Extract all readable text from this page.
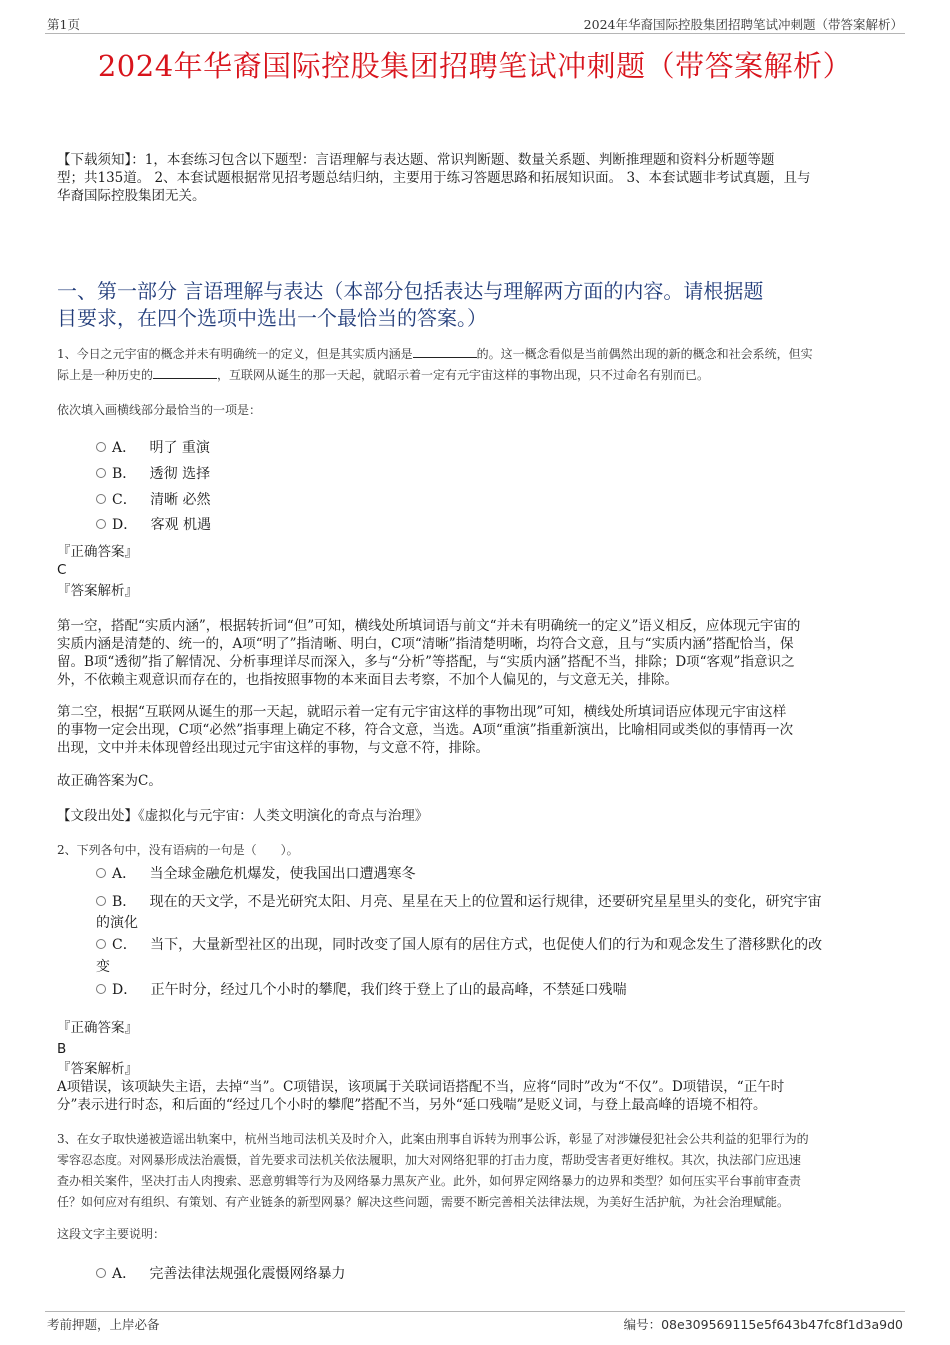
第1页	2024年华裔国际控股集团招聘笔试冲刺题（带答案解析）
2024年华裔国际控股集团招聘笔试冲刺题（带答案解析）
【下载须知】：1，本套练习包含以下题型：言语理解与表达题、常识判断题、数量关系题、判断推理题和资料分析题等题
型；共135道。 2、本套试题根据常见招考题总结归纳，主要用于练习答题思路和拓展知识面。 3、本套试题非考试真题，且与
华裔国际控股集团无关。
一、第一部分 言语理解与表达（本部分包括表达与理解两方面的内容。请根据题
目要求，在四个选项中选出一个最恰当的答案。）
1、今日之元宇宙的概念并未有明确统一的定义，但是其实质内涵是	的。这一概念看似是当前偶然出现的新的概念和社会系统，但实
际上是一种历史的	，互联网从诞生的那一天起，就昭示着一定有元宇宙这样的事物出现，只不过命名有别而已。
依次填入画横线部分最恰当的一项是：
A． 明了 重演
B． 透彻 选择
C． 清晰 必然
D． 客观 机遇
『正确答案』
C
『答案解析』
第一空，搭配“实质内涵”，根据转折词“但”可知，横线处所填词语与前文“并未有明确统一的定义”语义相反，应体现元宇宙的
实质内涵是清楚的、统一的，A项“明了”指清晰、明白，C项“清晰”指清楚明晰，均符合文意，且与“实质内涵”搭配恰当，保
留。B项“透彻”指了解情况、分析事理详尽而深入，多与“分析”等搭配，与“实质内涵”搭配不当，排除；D项“客观”指意识之
外，不依赖主观意识而存在的，也指按照事物的本来面目去考察，不加个人偏见的，与文意无关，排除。
第二空，根据“互联网从诞生的那一天起，就昭示着一定有元宇宙这样的事物出现”可知，横线处所填词语应体现元宇宙这样
的事物一定会出现，C项“必然”指事理上确定不移，符合文意，当选。A项“重演”指重新演出，比喻相同或类似的事情再一次
出现，文中并未体现曾经出现过元宇宙这样的事物，与文意不符，排除。
故正确答案为C。
【文段出处】《虚拟化与元宇宙：人类文明演化的奇点与治理》
2、下列各句中，没有语病的一句是（　　）。
A． 当全球金融危机爆发，使我国出口遭遇寒冬
B． 现在的天文学，不是光研究太阳、月亮、星星在天上的位置和运行规律，还要研究星星里头的变化，研究宇宙
的演化
C． 当下，大量新型社区的出现，同时改变了国人原有的居住方式，也促使人们的行为和观念发生了潜移默化的改
变
D． 正午时分，经过几个小时的攀爬，我们终于登上了山的最高峰，不禁延口残喘
『正确答案』
B
『答案解析』
A项错误，该项缺失主语，去掉“当”。C项错误，该项属于关联词语搭配不当，应将“同时”改为“不仅”。D项错误，“正午时
分”表示进行时态，和后面的“经过几个小时的攀爬”搭配不当，另外“延口残喘”是贬义词，与登上最高峰的语境不相符。
3、在女子取快递被造谣出轨案中，杭州当地司法机关及时介入，此案由刑事自诉转为刑事公诉，彰显了对涉嫌侵犯社会公共利益的犯罪行为的
零容忍态度。对网暴形成法治震慑，首先要求司法机关依法履职，加大对网络犯罪的打击力度，帮助受害者更好维权。其次，执法部门应迅速
查办相关案件，坚决打击人肉搜索、恶意剪辑等行为及网络暴力黑灰产业。此外，如何界定网络暴力的边界和类型？如何压实平台事前审查责
任？如何应对有组织、有策划、有产业链条的新型网暴？解决这些问题，需要不断完善相关法律法规，为美好生活护航，为社会治理赋能。
这段文字主要说明：
A． 完善法律法规强化震慑网络暴力
考前押题，上岸必备	编号：08e309569115e5f643b47fc8f1d3a9d0
